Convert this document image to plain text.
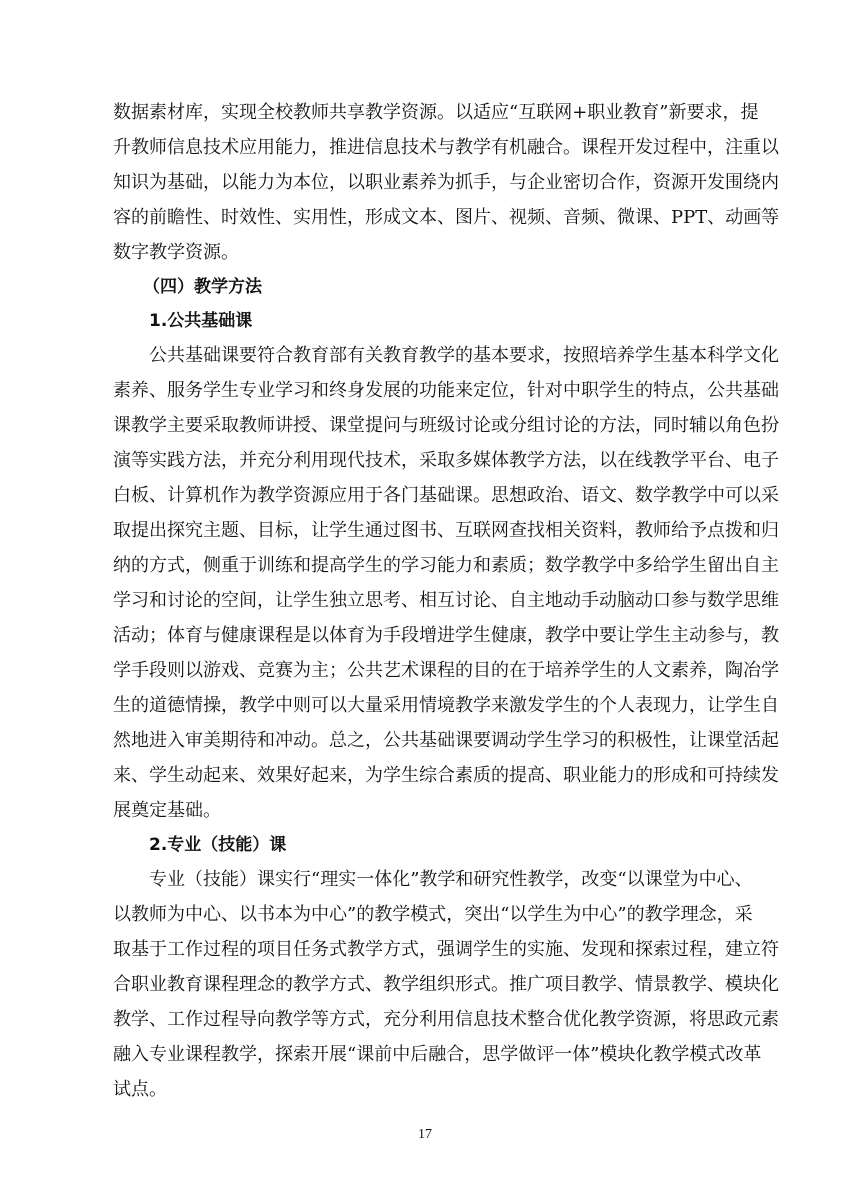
数据素材库，实现全校教师共享教学资源。以适应“互联网+职业教育”新要求，提
升教师信息技术应用能力，推进信息技术与教学有机融合。课程开发过程中，注重以
知识为基础，以能力为本位，以职业素养为抓手，与企业密切合作，资源开发围绕内
容的前瞻性、时效性、实用性，形成文本、图片、视频、音频、微课、PPT、动画等
数字教学资源。
（四）教学方法
1.公共基础课
公共基础课要符合教育部有关教育教学的基本要求，按照培养学生基本科学文化
素养、服务学生专业学习和终身发展的功能来定位，针对中职学生的特点，公共基础
课教学主要采取教师讲授、课堂提问与班级讨论或分组讨论的方法，同时辅以角色扮
演等实践方法，并充分利用现代技术，采取多媒体教学方法，以在线教学平台、电子
白板、计算机作为教学资源应用于各门基础课。思想政治、语文、数学教学中可以采
取提出探究主题、目标，让学生通过图书、互联网查找相关资料，教师给予点拨和归
纳的方式，侧重于训练和提高学生的学习能力和素质；数学教学中多给学生留出自主
学习和讨论的空间，让学生独立思考、相互讨论、自主地动手动脑动口参与数学思维
活动；体育与健康课程是以体育为手段增进学生健康，教学中要让学生主动参与，教
学手段则以游戏、竞赛为主；公共艺术课程的目的在于培养学生的人文素养，陶冶学
生的道德情操，教学中则可以大量采用情境教学来激发学生的个人表现力，让学生自
然地进入审美期待和冲动。总之，公共基础课要调动学生学习的积极性，让课堂活起
来、学生动起来、效果好起来，为学生综合素质的提高、职业能力的形成和可持续发
展奠定基础。
2.专业（技能）课
专业（技能）课实行“理实一体化”教学和研究性教学，改变“以课堂为中心、
以教师为中心、以书本为中心”的教学模式，突出“以学生为中心”的教学理念，采
取基于工作过程的项目任务式教学方式，强调学生的实施、发现和探索过程，建立符
合职业教育课程理念的教学方式、教学组织形式。推广项目教学、情景教学、模块化
教学、工作过程导向教学等方式，充分利用信息技术整合优化教学资源，将思政元素
融入专业课程教学，探索开展“课前中后融合，思学做评一体”模块化教学模式改革
试点。
17
